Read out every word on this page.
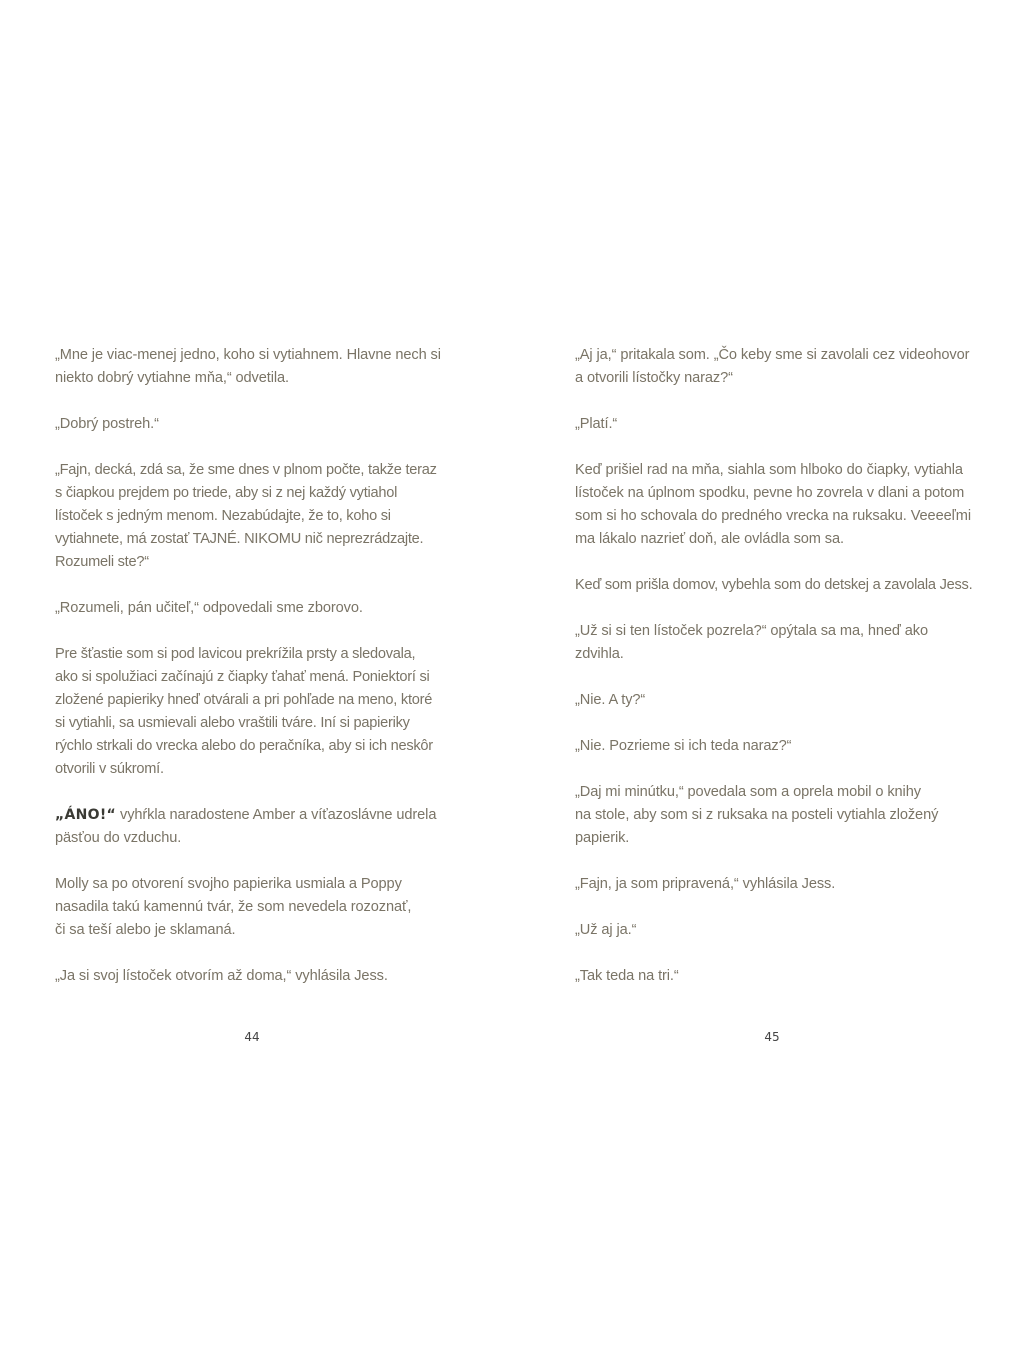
„Mne je viac-menej jedno, koho si vytiahnem. Hlavne nech si
niekto dobrý vytiahne mňa,“ odvetila.

„Dobrý postreh.“

„Fajn, decká, zdá sa, že sme dnes v plnom počte, takže teraz
s čiapkou prejdem po triede, aby si z nej každý vytiahol
lístoček s jedným menom. Nezabúdajte, že to, koho si
vytiahnete, má zostať TAJNÉ. NIKOMU nič neprezrádzajte.
Rozumeli ste?“

„Rozumeli, pán učiteľ,“ odpovedali sme zborovo.

Pre šťastie som si pod lavicou prekrížila prsty a sledovala,
ako si spolužiaci začínajú z čiapky ťahať mená. Poniektorí si
zložené papieriky hneď otvárali a pri pohľade na meno, ktoré
si vytiahli, sa usmievali alebo vraštili tváre. Iní si papieriky
rýchlo strkali do vrecka alebo do peračníka, aby si ich neskôr
otvorili v súkromí.

„ÁNO!“ vyhŕkla naradostene Amber a víťazoslávne udrela
päsťou do vzduchu.

Molly sa po otvorení svojho papierika usmiala a Poppy
nasadila takú kamennú tvár, že som nevedela rozoznať,
či sa teší alebo je sklamaná.

„Ja si svoj lístoček otvorím až doma,“ vyhlásila Jess.

„Aj ja,“ pritakala som. „Čo keby sme si zavolali cez videohovor
a otvorili lístočky naraz?“

„Platí.“

Keď prišiel rad na mňa, siahla som hlboko do čiapky, vytiahla
lístoček na úplnom spodku, pevne ho zovrela v dlani a potom
som si ho schovala do predného vrecka na ruksaku. Veeeeľmi
ma lákalo nazrieť doň, ale ovládla som sa.

Keď som prišla domov, vybehla som do detskej a zavolala Jess.

„Už si si ten lístoček pozrela?“ opýtala sa ma, hneď ako
zdvihla.

„Nie. A ty?“

„Nie. Pozrieme si ich teda naraz?“

„Daj mi minútku,“ povedala som a oprela mobil o knihy
na stole, aby som si z ruksaka na posteli vytiahla zložený
papierik.

„Fajn, ja som pripravená,“ vyhlásila Jess.

„Už aj ja.“

„Tak teda na tri.“

44	45
